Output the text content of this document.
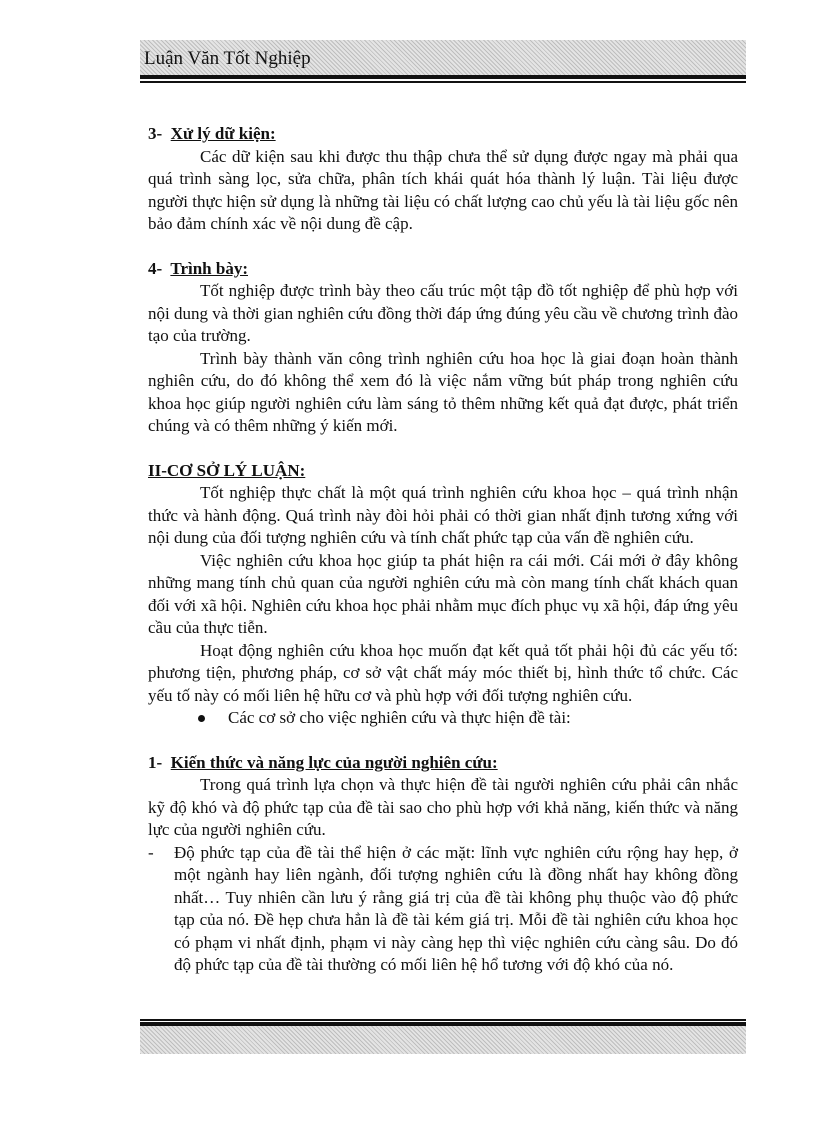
Luận Văn Tốt Nghiệp
3- Xử lý dữ kiện:

Các dữ kiện sau khi được thu thập chưa thể sử dụng được ngay mà phải qua quá trình sàng lọc, sửa chữa, phân tích khái quát hóa thành lý luận. Tài liệu được người thực hiện sử dụng là những tài liệu có chất lượng cao chủ yếu là tài liệu gốc nên bảo đảm chính xác về nội dung đề cập.

4- Trình bày:

Tốt nghiệp được trình bày theo cấu trúc một tập đồ tốt nghiệp để phù hợp với nội dung và thời gian nghiên cứu đồng thời đáp ứng đúng yêu cầu về chương trình đào tạo của trường.

Trình bày thành văn công trình nghiên cứu hoa học là giai đoạn hoàn thành nghiên cứu, do đó không thể xem đó là việc nắm vững bút pháp trong nghiên cứu khoa học giúp người nghiên cứu làm sáng tỏ thêm những kết quả đạt được, phát triển chúng và có thêm những ý kiến mới.

II-CƠ SỞ LÝ LUẬN:

Tốt nghiệp thực chất là một quá trình nghiên cứu khoa học – quá trình nhận thức và hành động. Quá trình này đòi hỏi phải có thời gian nhất định tương xứng với nội dung của đối tượng nghiên cứu và tính chất phức tạp của vấn đề nghiên cứu.

Việc nghiên cứu khoa học giúp ta phát hiện ra cái mới. Cái mới ở đây không những mang tính chủ quan của người nghiên cứu mà còn mang tính chất khách quan đối với xã hội. Nghiên cứu khoa học phải nhằm mục đích phục vụ xã hội, đáp ứng yêu cầu của thực tiễn.

Hoạt động nghiên cứu khoa học muốn đạt kết quả tốt phải hội đủ các yếu tố: phương tiện, phương pháp, cơ sở vật chất máy móc thiết bị, hình thức tổ chức. Các yếu tố này có mối liên hệ hữu cơ và phù hợp với đối tượng nghiên cứu.

Các cơ sở cho việc nghiên cứu và thực hiện đề tài:
1- Kiến thức và năng lực của người nghiên cứu:

Trong quá trình lựa chọn và thực hiện đề tài người nghiên cứu phải cân nhắc kỹ độ khó và độ phức tạp của đề tài sao cho phù hợp với khả năng, kiến thức và năng lực của người nghiên cứu.

- Độ phức tạp của đề tài thể hiện ở các mặt: lĩnh vực nghiên cứu rộng hay hẹp, ở một ngành hay liên ngành, đối tượng nghiên cứu là đồng nhất hay không đồng nhất… Tuy nhiên cần lưu ý rằng giá trị của đề tài không phụ thuộc vào độ phức tạp của nó. Đề hẹp chưa hẳn là đề tài kém giá trị. Mỗi đề tài nghiên cứu khoa học có phạm vi nhất định, phạm vi này càng hẹp thì việc nghiên cứu càng sâu. Do đó độ phức tạp của đề tài thường có mối liên hệ hổ tương với độ khó của nó.
